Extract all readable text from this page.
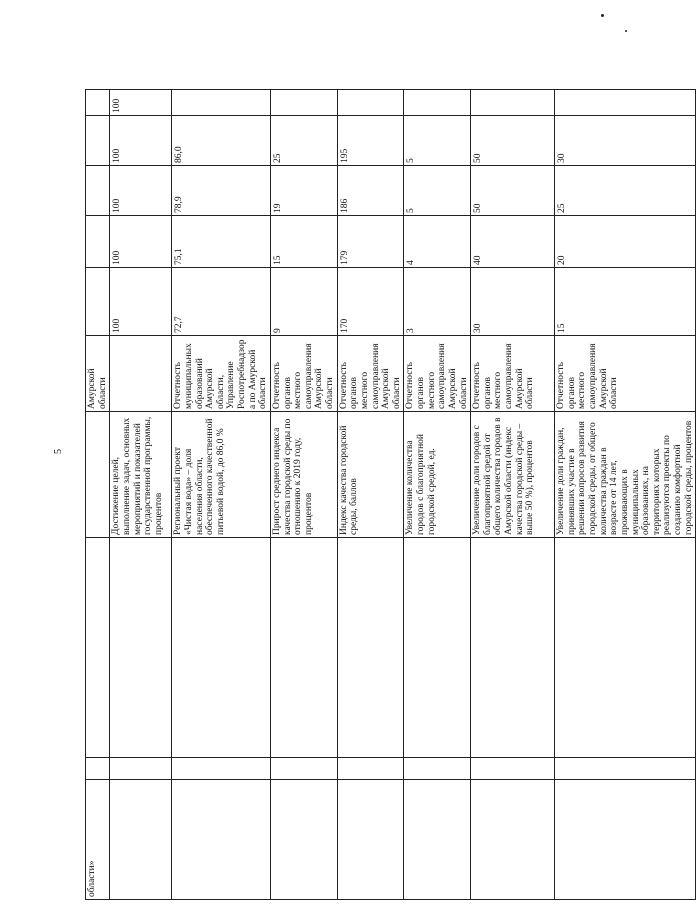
5
области»				Амурской области					
			Достижение целей, выполнение задач, основных мероприятий и показателей государственной программы, процентов		100	100	100	100	100
			Региональный проект «Чистая вода» – доля населения области, обеспеченного качественной питьевой водой, до 86,0 %	Отчетность муниципальных образований Амурской области, Управление Роспотребнадзора по Амурской области	72,7	75,1	78,9	86,0	
			Прирост среднего индекса качества городской среды по отношению к 2019 году, процентов	Отчетность органов местного самоуправления Амурской области	9	15	19	25	
			Индекс качества городской среды, баллов	Отчетность органов местного самоуправления Амурской области	170	179	186	195	
			Увеличение количества городов с благоприятной городской средой, ед.	Отчетность органов местного самоуправления Амурской области	3	4	5	5	
			Увеличение доли городов с благоприятной средой от общего количества городов в Амурской области (индекс качества городской среды – выше 50 %), процентов	Отчетность органов местного самоуправления Амурской области	30	40	50	50	
			Увеличение доли граждан, принявших участие в решении вопросов развития городской среды, от общего количества граждан в возрасте от 14 лет, проживающих в муниципальных образованиях, на территориях которых реализуются проекты по созданию комфортной городской среды, процентов	Отчетность органов местного самоуправления Амурской области	15	20	25	30	
